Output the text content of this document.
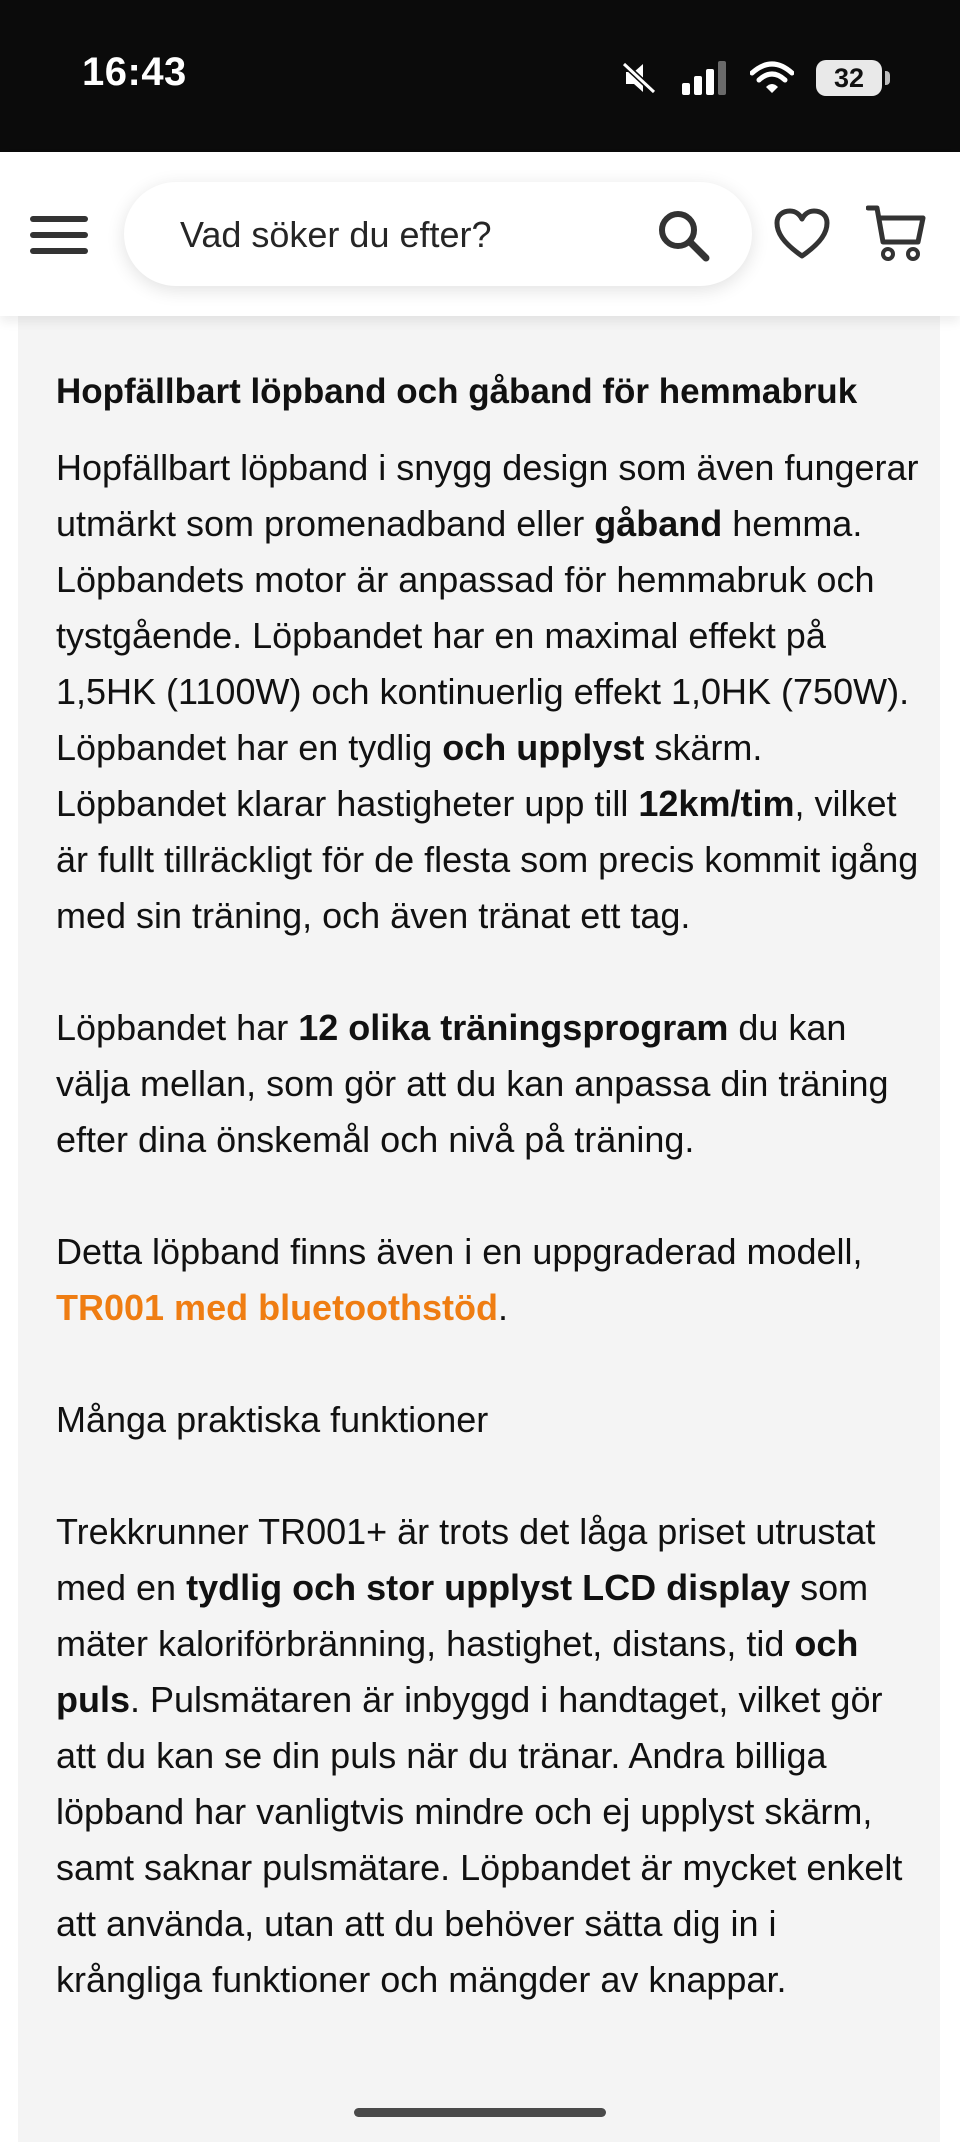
16:43	32
Vad söker du efter?
Hopfällbart löpband och gåband för hemmabruk

Hopfällbart löpband i snygg design som även fungerar utmärkt som promenadband eller gåband hemma. Löpbandets motor är anpassad för hemmabruk och tystgående. Löpbandet har en maximal effekt på 1,5HK (1100W) och kontinuerlig effekt 1,0HK (750W). Löpbandet har en tydlig och upplyst skärm. Löpbandet klarar hastigheter upp till 12km/tim, vilket är fullt tillräckligt för de flesta som precis kommit igång med sin träning, och även tränat ett tag.

Löpbandet har 12 olika träningsprogram du kan välja mellan, som gör att du kan anpassa din träning efter dina önskemål och nivå på träning.

Detta löpband finns även i en uppgraderad modell, TR001 med bluetoothstöd.

Många praktiska funktioner

Trekkrunner TR001+ är trots det låga priset utrustat med en tydlig och stor upplyst LCD display som mäter kaloriförbränning, hastighet, distans, tid och puls. Pulsmätaren är inbyggd i handtaget, vilket gör att du kan se din puls när du tränar. Andra billiga löpband har vanligtvis mindre och ej upplyst skärm, samt saknar pulsmätare. Löpbandet är mycket enkelt att använda, utan att du behöver sätta dig in i krångliga funktioner och mängder av knappar.
